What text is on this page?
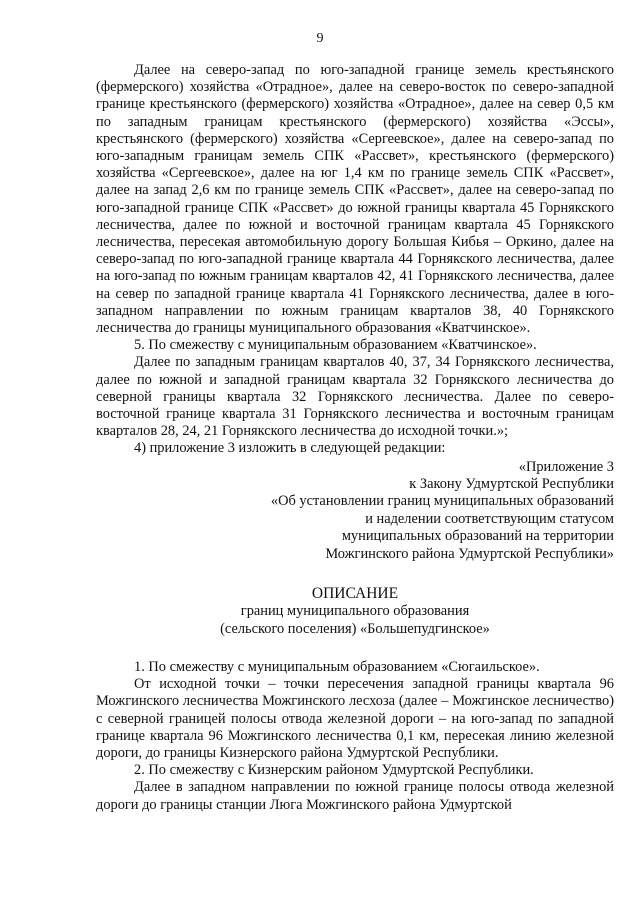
9

Далее на северо-запад по юго-западной границе земель крестьянского (фермерского) хозяйства «Отрадное», далее на северо-восток по северо-западной границе крестьянского (фермерского) хозяйства «Отрадное», далее на север 0,5 км по западным границам крестьянского (фермерского) хозяйства «Эссы», крестьянского (фермерского) хозяйства «Сергеевское», далее на северо-запад по юго-западным границам земель СПК «Рассвет», крестьянского (фермерского) хозяйства «Сергеевское», далее на юг 1,4 км по границе земель СПК «Рассвет», далее на запад 2,6 км по границе земель СПК «Рассвет», далее на северо-запад по юго-западной границе СПК «Рассвет» до южной границы квартала 45 Горнякского лесничества, далее по южной и восточной границам квартала 45 Горнякского лесничества, пересекая автомобильную дорогу Большая Кибья – Оркино, далее на северо-запад по юго-западной границе квартала 44 Горнякского лесничества, далее на юго-запад по южным границам кварталов 42, 41 Горнякского лесничества, далее на север по западной границе квартала 41 Горнякского лесничества, далее в юго-западном направлении по южным границам кварталов 38, 40 Горнякского лесничества до границы муниципального образования «Кватчинское».

5. По смежеству с муниципальным образованием «Кватчинское».

Далее по западным границам кварталов 40, 37, 34 Горнякского лесничества, далее по южной и западной границам квартала 32 Горнякского лесничества до северной границы квартала 32 Горнякского лесничества. Далее по северо-восточной границе квартала 31 Горнякского лесничества и восточным границам кварталов 28, 24, 21 Горнякского лесничества до исходной точки.»;

4) приложение 3 изложить в следующей редакции:

«Приложение 3
к Закону Удмуртской Республики
«Об установлении границ муниципальных образований
и наделении соответствующим статусом
муниципальных образований на территории
Можгинского района Удмуртской Республики»
ОПИСАНИЕ
границ муниципального образования
(сельского поселения) «Большепудгинское»

1. По смежеству с муниципальным образованием «Сюгаильское».

От исходной точки – точки пересечения западной границы квартала 96 Можгинского лесничества Можгинского лесхоза (далее – Можгинское лесничество) с северной границей полосы отвода железной дороги – на юго-запад по западной границе квартала 96 Можгинского лесничества 0,1 км, пересекая линию железной дороги, до границы Кизнерского района Удмуртской Республики.

2. По смежеству с Кизнерским районом Удмуртской Республики.

Далее в западном направлении по южной границе полосы отвода железной дороги до границы станции Люга Можгинского района Удмуртской
